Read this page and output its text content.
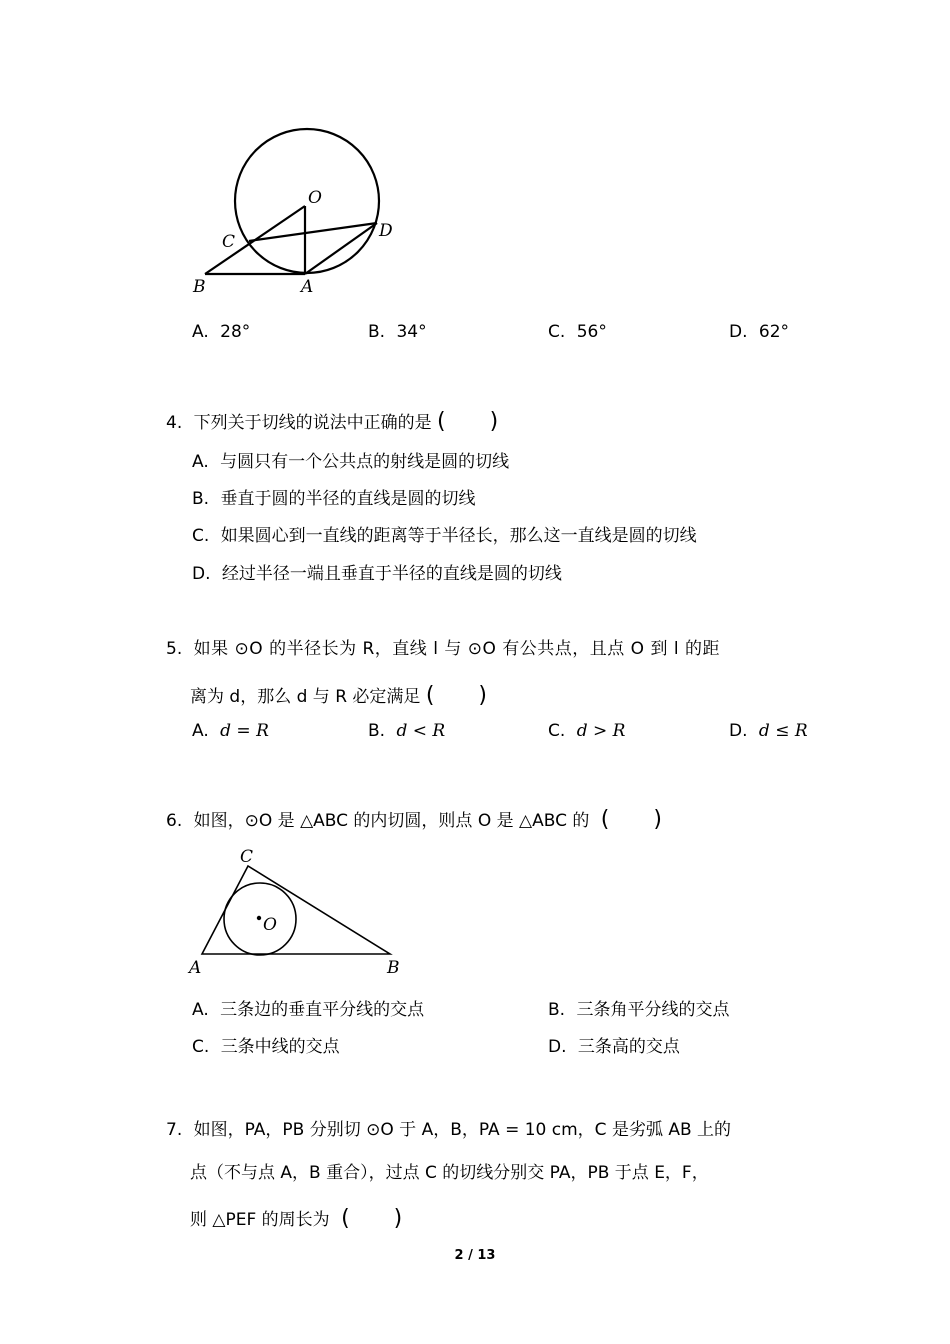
O
C
D
B	A
A. 28°	B. 34°	C. 56°	D. 62°
4. 下列关于切线的说法中正确的是 (　　)
A. 与圆只有一个公共点的射线是圆的切线
B. 垂直于圆的半径的直线是圆的切线
C. 如果圆心到一直线的距离等于半径长，那么这一直线是圆的切线
D. 经过半径一端且垂直于半径的直线是圆的切线
5. 如果 ⊙O 的半径长为 R，直线 l 与 ⊙O 有公共点，且点 O 到 l 的距
离为 d，那么 d 与 R 必定满足 (　　)
A. d = R	B. d < R	C. d > R	D. d ≤ R
6. 如图，⊙O 是 △ABC 的内切圆，则点 O 是 △ABC 的 (　　)
C
O
A	B
A. 三条边的垂直平分线的交点	B. 三条角平分线的交点
C. 三条中线的交点	D. 三条高的交点
7. 如图，PA，PB 分别切 ⊙O 于 A，B，PA = 10 cm，C 是劣弧 AB 上的
点（不与点 A，B 重合），过点 C 的切线分别交 PA，PB 于点 E，F，
则 △PEF 的周长为 (　　)
2 / 13
